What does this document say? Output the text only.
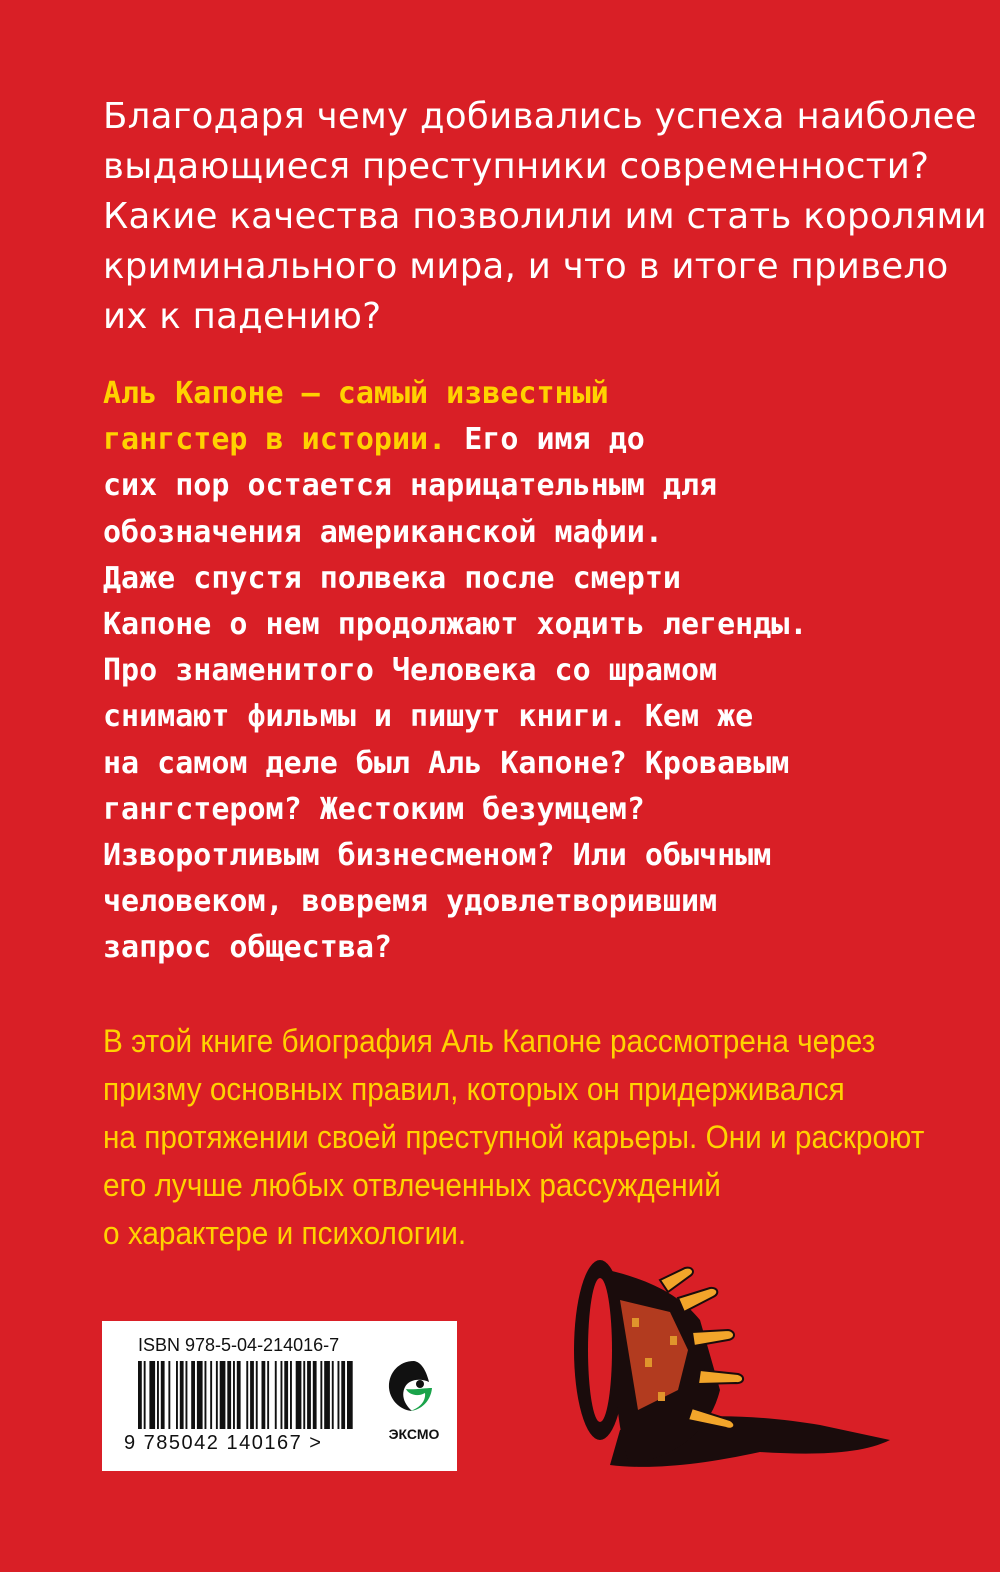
Благодаря чему добивались успеха наиболее
выдающиеся преступники современности?
Какие качества позволили им стать королями
криминального мира, и что в итоге привело
их к падению?
Аль Капоне — самый известный
гангстер в истории. Его имя до
сих пор остается нарицательным для
обозначения американской мафии.
Даже спустя полвека после смерти
Капоне о нем продолжают ходить легенды.
Про знаменитого Человека со шрамом
снимают фильмы и пишут книги. Кем же
на самом деле был Аль Капоне? Кровавым
гангстером? Жестоким безумцем?
Изворотливым бизнесменом? Или обычным
человеком, вовремя удовлетворившим
запрос общества?
В этой книге биография Аль Капоне рассмотрена через
призму основных правил, которых он придерживался
на протяжении своей преступной карьеры. Они и раскроют
его лучше любых отвлеченных рассуждений
о характере и психологии.
ISBN 978-5-04-214016-7
9 785042 140167 >	ЭКСМО
